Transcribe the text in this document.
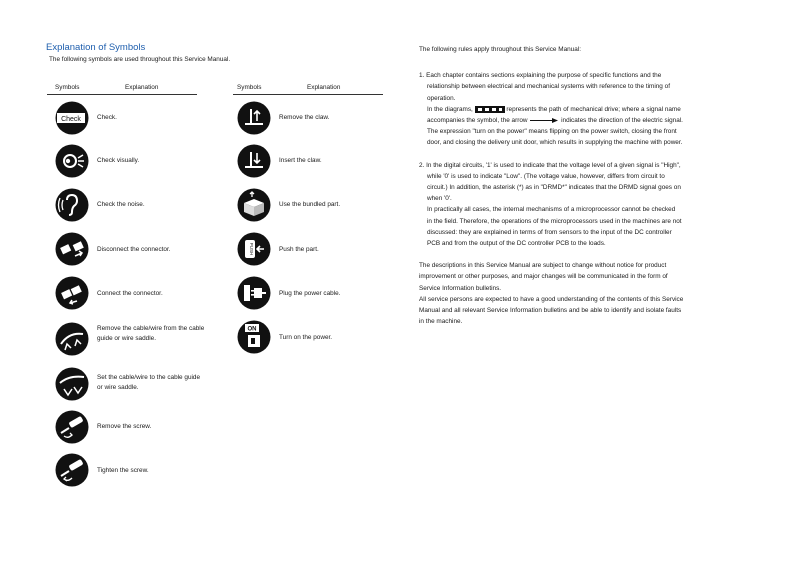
Explanation of Symbols
The following symbols are used throughout this Service Manual.
Symbols	Explanation	Symbols	Explanation
Check	Check.
Check visually.
Check the noise.
Disconnect the connector.
Connect the connector.
Remove the cable/wire from the cable guide or wire saddle.
Set the cable/wire to the cable guide or wire saddle.
Remove the screw.
Tighten the screw.
Remove the claw.
Insert the claw.
Use the bundled part.
PUSH	Push the part.
Plug the power cable.
ON
Turn on the power.

The following rules apply throughout this Service Manual:

1. Each chapter contains sections explaining the purpose of specific functions and the

relationship between electrical and mechanical systems with reference to the timing of

operation.

In the diagrams,	represents the path of mechanical drive; where a signal name

accompanies the symbol, the arrow	indicates the direction of the electric signal.

The expression "turn on the power" means flipping on the power switch, closing the front

door, and closing the delivery unit door, which results in supplying the machine with power.

2. In the digital circuits, '1' is used to indicate that the voltage level of a given signal is "High",

while '0' is used to indicate "Low". (The voltage value, however, differs from circuit to

circuit.) In addition, the asterisk (*) as in "DRMD*" indicates that the DRMD signal goes on

when '0'.

In practically all cases, the internal mechanisms of a microprocessor cannot be checked

in the field. Therefore, the operations of the microprocessors used in the machines are not

discussed: they are explained in terms of from sensors to the input of the DC controller

PCB and from the output of the DC controller PCB to the loads.

The descriptions in this Service Manual are subject to change without notice for product

improvement or other purposes, and major changes will be communicated in the form of

Service Information bulletins.

All service persons are expected to have a good understanding of the contents of this Service

Manual and all relevant Service Information bulletins and be able to identify and isolate faults

in the machine.
